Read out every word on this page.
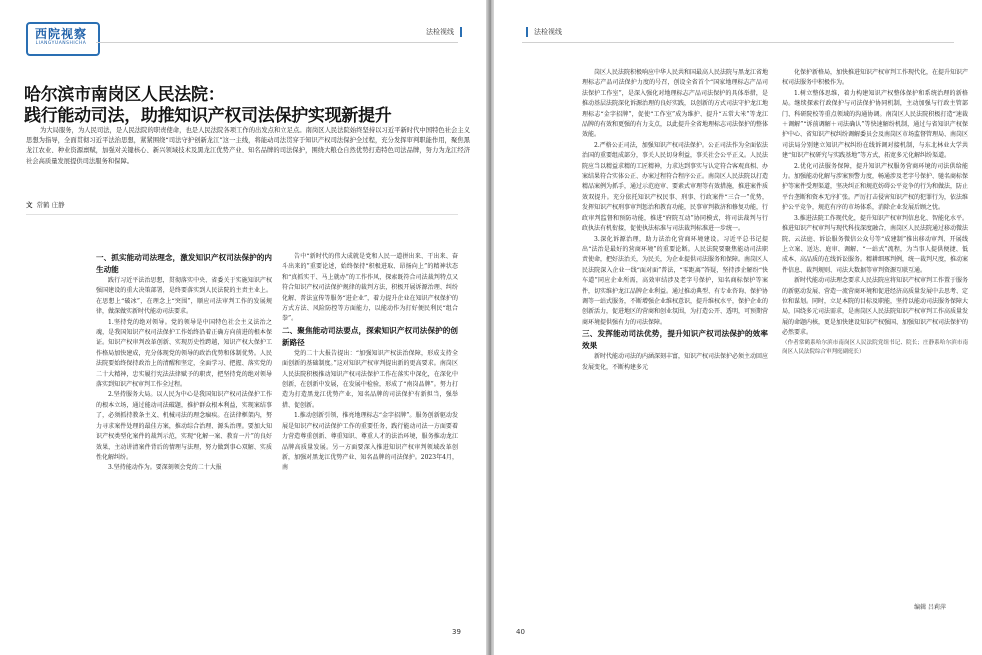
西院视察
LIANGYUANSHICHA
法检视线
哈尔滨市南岗区人民法院：
践行能动司法，助推知识产权司法保护实现新提升
为大局服务，为人民司法，是人民法院的职责使命，也是人民法院各项工作的出发点和立足点。南岗区人民法院始终坚持以习近平新时代中国特色社会主义思想为指导，全面贯彻习近平法治思想，紧紧围绕“司法守护创新龙江”这一主线，将能动司法贯穿于知识产权司法保护全过程，充分发挥审判职能作用，聚焦黑龙江农业、种业资源禀赋，加强对关键核心、新兴领域技术及黑龙江优势产业、知名品牌的司法保护，围绕大粮仓自然优势打造特色司法品牌，努力为龙江经济社会高质量发展提供司法服务和保障。
文 常鹤 庄静

一、抓实能动司法理念，激发知识产权司法保护的内生动能

践行习近平法治思想，贯彻落实中央、省委关于实施知识产权强国建设的重大决策部署，是终要落实到人民法院的主责主业上。在思想上“破冰”，在理念上“突围”，顺应司法审判工作的发展规律，做深做实新时代能动司法要求。

1.坚持党的绝对领导。党的领导是中国特色社会主义法治之魂，是我国知识产权司法保护工作始终沿着正确方向前进的根本保证。知识产权审判改革创新、实现历史性跨越，知识产权大保护工作格局加快建成，充分体现党的领导的政治优势和体制优势。人民法院要始终保持政治上的清醒和坚定，全面学习、把握、落实党的二十大精神，忠实履行宪法法律赋予的职责，把坚持党的绝对领导落实到知识产权审判工作全过程。

2.坚持服务大局。以人民为中心是我国知识产权司法保护工作的根本立场，通过能动司法破题，推护群众根本利益，实现案结事了，必须抓持教条主义、机械司法的理念痼疾。在法律框架内，努力寻求案件处理的最佳方案，推动综合治理、源头治理。要加大知识产权类型化案件的裁判示范，实现“化解一案、教育一片”的良好效果，主动讲清案件背后的情理与法理，努力做到事心双解、实质性化解纠纷。

3.坚持能动作为。要深刻领会党的二十大报

告中“新时代的伟大成就是党和人民一道拼出来、干出来、奋斗出来的”重要论述，始终保持“积极进取、昂扬向上”的精神状态和“真抓实干、马上就办”的工作作风，探索既符合司法裁判特点又符合知识产权司法保护规律的裁判方法，积极开展诉源治理、纠纷化解、普法宣传等服务“进企业”，着力提升企业在知识产权保护的方式方法、风险防控等方面能力，以能动作为打好便民利民“组合拳”。

二、聚焦能动司法要点，探索知识产权司法保护的创新路径

党的二十大报告提出：“加强知识产权法治保障，形成支持全面创新的基础制度。”这对知识产权审判提出新的更高要求。南岗区人民法院积极推动知识产权司法保护工作在落实中深化，在深化中创新，在创新中发展，在发展中检验，形成了“南岗品牌”。努力打造为打造黑龙江优势产业，知名品牌的司法保护有新担当，强举措、促创新。

1.推动创新引领，推亮地理标志“金字招牌”。服务创新驱动发展是知识产权司法保护工作的重要任务，践行能动司法一方面要着力营造尊重创新、尊重知识、尊重人才的法治环境，服务推动龙江品牌高质量发展。另一方面要深入推进知识产权审判领域改革创新，加强对黑龙江优势产业、知名品牌的司法保护。2023年4月，南

39
法检视线

岗区人民法院积极响应中华人民共和国最高人民法院与黑龙江省地理标志产品司法保护力度的号召，创设全省首个“国家地理标志产品司法保护工作室”，是深入强化对地理标志产品司法保护的具体举措，是推动基层法院深化诉源治理的良好实践，以创新的方式司法守护龙江地理标志“金字招牌”，促使“工作室”成为维护、提升“五常大米”等龙江品牌的有效和更强的有力支点，以此提升全省地理标志司法保护的整体效能。

2.严格公正司法，加强知识产权司法保护。公正司法作为全面依法治国的重要组成部分，事关人民切身利益，事关社会公平正义。人民法院应当以精益求精的工匠精神，力求达到事实与认定符合客观真相、办案结果符合实体公正、办案过程符合程序公正。南岗区人民法院以打造精品案例为抓手，通过示范庭审、要素式审理等有效措施，推进案件质效双提升。充分依托知识产权民事、刑事、行政案件“三合一”优势，发挥知识产权刑事审判惩治和教育功能，民事审判救济和修复功能，行政审判监督和预防功能，推进“府院互动”协同模式，将司法裁判与行政执法有机衔接，促使执法标准与司法裁判标准进一步统一。

3.深化诉源治理，助力法治化营商环境建设。习近平总书记提出“法治是最好的营商环境”的重要论断。人民法院要聚焦能动司法职责使命，把好法治关，为民关，为企业提供司法服务和保障。南岗区人民法院深入企业一线“面对面”普法，“零距离”答疑，坚持涉企解纷“快车道”同应企业所需，高效审结涉及老字号保护，知名商标保护等案件，切实维护龙江品牌企业利益。通过推动典型、有专业咨询、保护协调等一站式服务，不断增强企业维权意识，提升维权水平，保护企业的创新活力，促进地区的营商和创业氛围，为打造公开、透明，可预期营商环境提供强有力的司法保障。

三、发挥能动司法优势，提升知识产权司法保护的效率效果

新时代能动司法的内涵深刻丰富，知识产权司法保护必须主动回应发展变化，不断构建多元

化保护新格局，加快推进知识产权审判工作现代化，在提升知识产权司法服务中积极作为。

1.树立整体思维，着力构建知识产权整体保护和系统治理的新格局。继续探索行政保护与司法保护协同机制，主动加强与行政主管部门、科研院校等重点领域的沟通协调。南岗区人民法院积极打造“速裁＋调解”“诉前调解＋司法确认”等快速解纷机制，通过与省知识产权保护中心、省知识产权纠纷调解委员会及南岗区市场监督管理局、南岗区司法局分别建立知识产权纠纷在线诉调对接机制，与东北林业大学共建“知识产权研究与实践基地”等方式，拓宽多元化解纠纷渠道。

2.优化司法服务保障，提升知识产权服务营商环境的司法供给能力。加强能动化解与涉案预警力度，畅通涉及老字号保护、驰名商标保护等案件受理渠道，坚决纠正和规范妨碍公平竞争的行为和做法，防止平台垄断和资本无序扩张。严厉打击侵害知识产权的犯罪行为，依法维护公平竞争，规范有序的市场体系，消除企业发展后顾之忧。

3.推进法院工作现代化，提升知识产权审判信息化、智能化水平。推进知识产权审判与现代科技深度融合，南岗区人民法院通过移动微法院、云法庭、诉讼服务微信公众号等“成建制”推出移动审判、开展线上立案、送达、庭审、调解、“一站式”流程，为当事人提供便捷、低成本、高品质的在线诉讼服务。精耕细琢判例，统一裁判尺度，推动案件信息、裁判规则、司法大数据等审判资源互联互通。

新时代能动司法理念要求人民法院应将知识产权审判工作置于服务的新驱动发展、营造一流营商环境和促进经济高质量发展中去思考、定位和谋划。同时，立足本院的目标及职能，坚持以能动司法服务保障大局，国绕多元司法需求，是南岗区人民法院知识产权审判工作高质量发展的命题内核，更是加快建设知识产权强国、加强知识产权司法保护的必然要求。

（作者常鹤系哈尔滨市南岗区人民法院党组书记、院长；庄静系哈尔滨市南岗区人民法院综合审判庭副庭长）

编辑 吕莉萍
40
